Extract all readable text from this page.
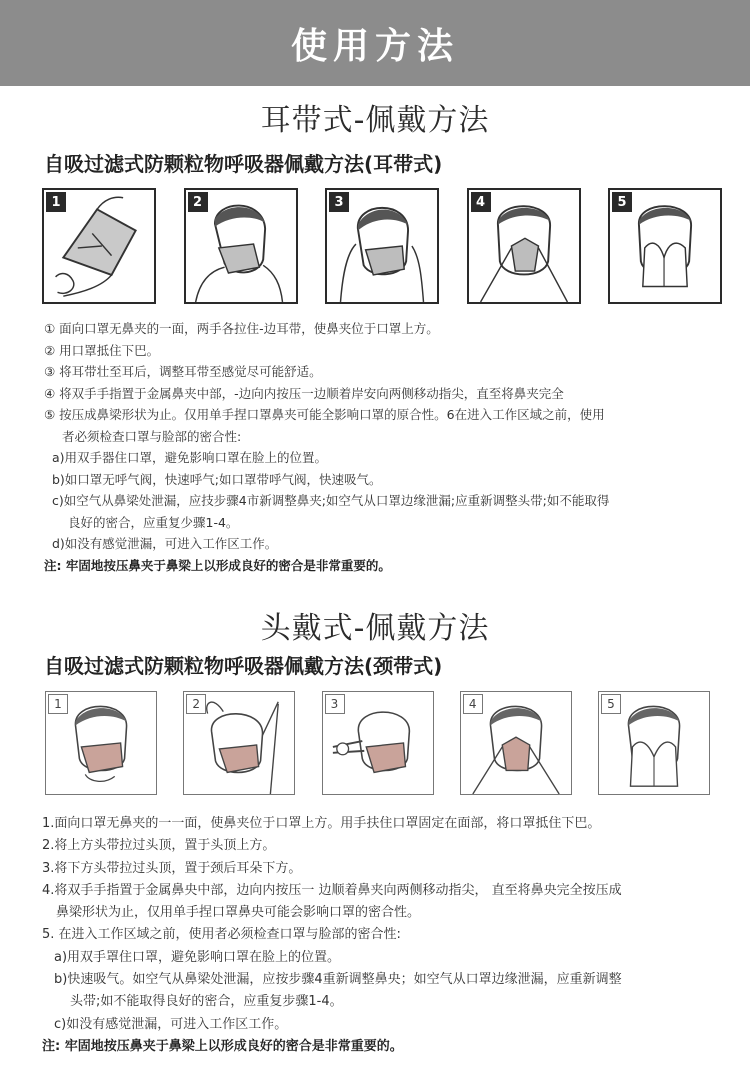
使用方法
耳带式-佩戴方法
自吸过滤式防颗粒物呼吸器佩戴方法(耳带式)
1	2	3	4	5
① 面向口罩无鼻夹的一面，两手各拉住-边耳带，使鼻夹位于口罩上方。
② 用口罩抵住下巴。
③ 将耳带壮至耳后，调整耳带至感觉尽可能舒适。
④ 将双手手指置于金属鼻夹中部，-边向内按压一边顺着岸安向两侧移动指尖，直至将鼻夹完全
⑤ 按压成鼻梁形状为止。仅用单手捏口罩鼻夹可能全影响口罩的原合性。6在进入工作区域之前，使用
者必须检查口罩与脸部的密合性:
a)用双手器住口罩，避免影响口罩在脸上的位置。
b)如口罩无呼气阀，快速呼气;如口罩带呼气阀，快速吸气。
c)如空气从鼻梁处泄漏，应技步骤4市新调整鼻夹;如空气从口罩边缘泄漏;应重新调整头带;如不能取得
良好的密合，应重复少骤1-4。
d)如没有感觉泄漏，可进入工作区工作。
注: 牢固地按压鼻夹于鼻梁上以形成良好的密合是非常重要的。
头戴式-佩戴方法
自吸过滤式防颗粒物呼吸器佩戴方法(颈带式)
1	2	3	4	5
1.面向口罩无鼻夹的一一面，使鼻夹位于口罩上方。用手扶住口罩固定在面部，将口罩抵住下巴。
2.将上方头带拉过头顶，置于头顶上方。
3.将下方头带拉过头顶，置于颈后耳朵下方。
4.将双手手指置于金属鼻央中部，边向内按压一 边顺着鼻夹向两侧移动指尖， 直至将鼻央完全按压成
鼻梁形状为止，仅用单手捏口罩鼻央可能会影响口罩的密合性。
5. 在进入工作区域之前，使用者必须检查口罩与脸部的密合性:
a)用双手罩住口罩，避免影响口罩在脸上的位置。
b)快速吸气。如空气从鼻梁处泄漏，应按步骤4重新调整鼻央；如空气从口罩边缘泄漏，应重新调整
头带;如不能取得良好的密合，应重复步骤1-4。
c)如没有感觉泄漏，可进入工作区工作。
注: 牢固地按压鼻夹于鼻梁上以形成良好的密合是非常重要的。
